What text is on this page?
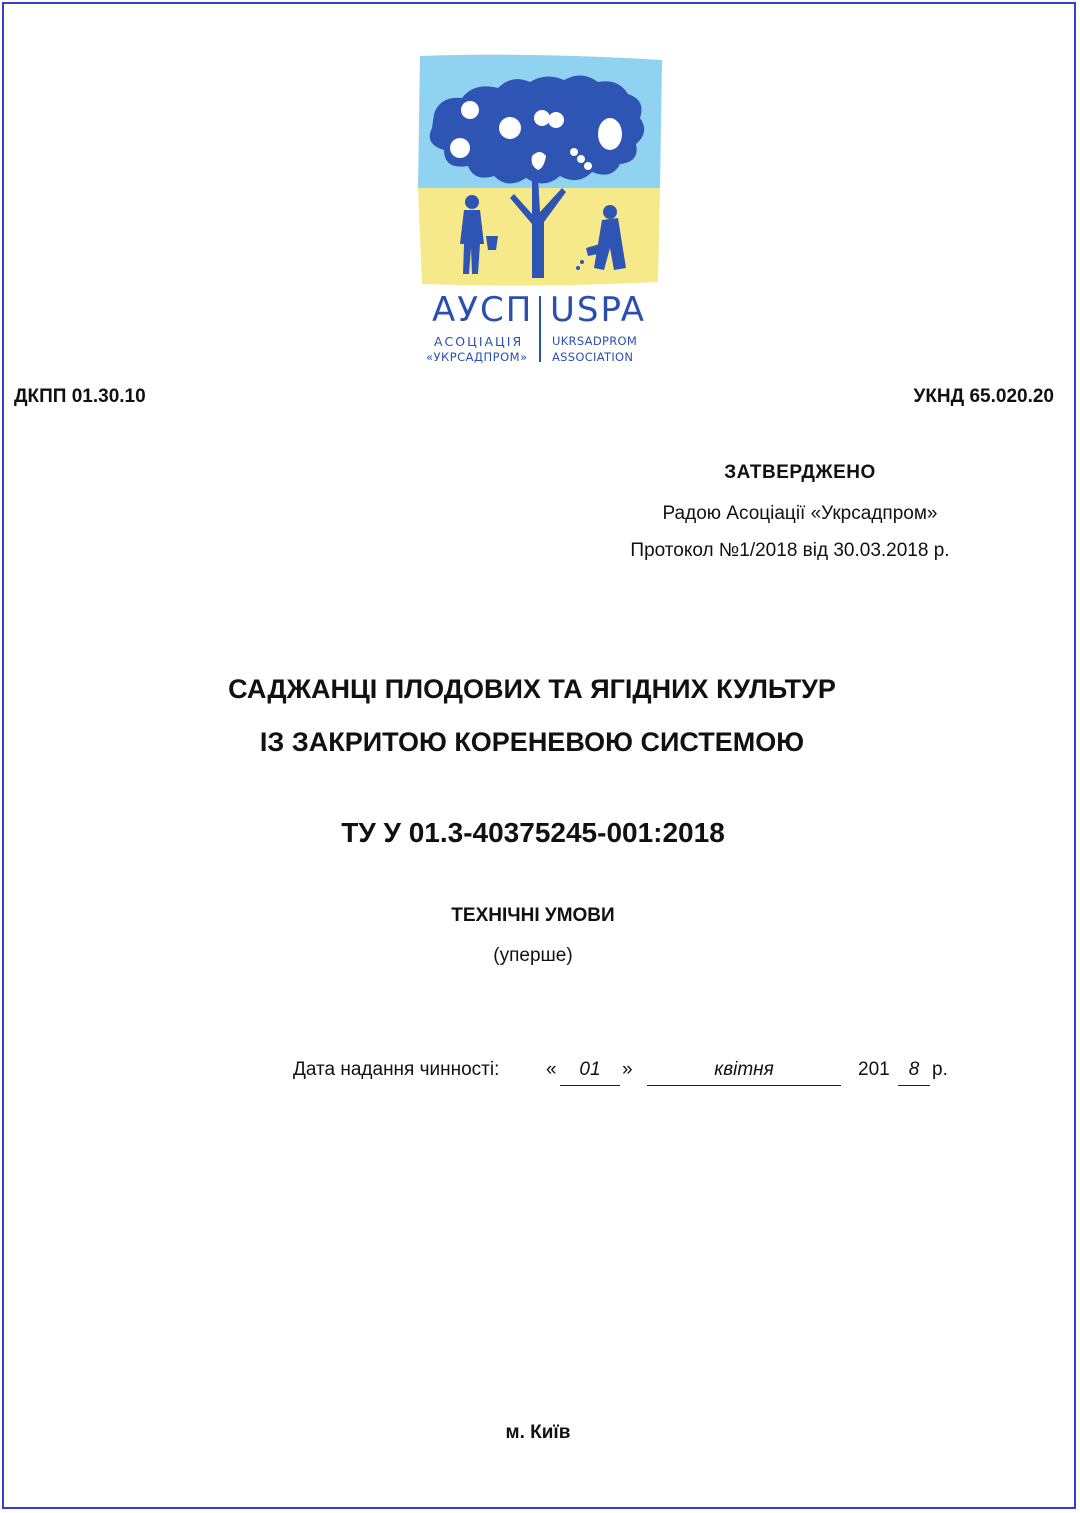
АУСП USPA
АСОЦІАЦІЯ
«УКРСАДПРОМ»
UKRSADPROM
ASSOCIATION
ДКПП 01.30.10	УКНД 65.020.20
ЗАТВЕРДЖЕНО
Радою Асоціації «Укрсадпром»
Протокол №1/2018 від 30.03.2018 р.
САДЖАНЦІ ПЛОДОВИХ ТА ЯГІДНИХ КУЛЬТУР
ІЗ ЗАКРИТОЮ КОРЕНЕВОЮ СИСТЕМОЮ
ТУ У 01.3-40375245-001:2018
ТЕХНІЧНІ УМОВИ
(уперше)
Дата надання чинності: «	01	»	квітня	201	8 р.
м. Київ
